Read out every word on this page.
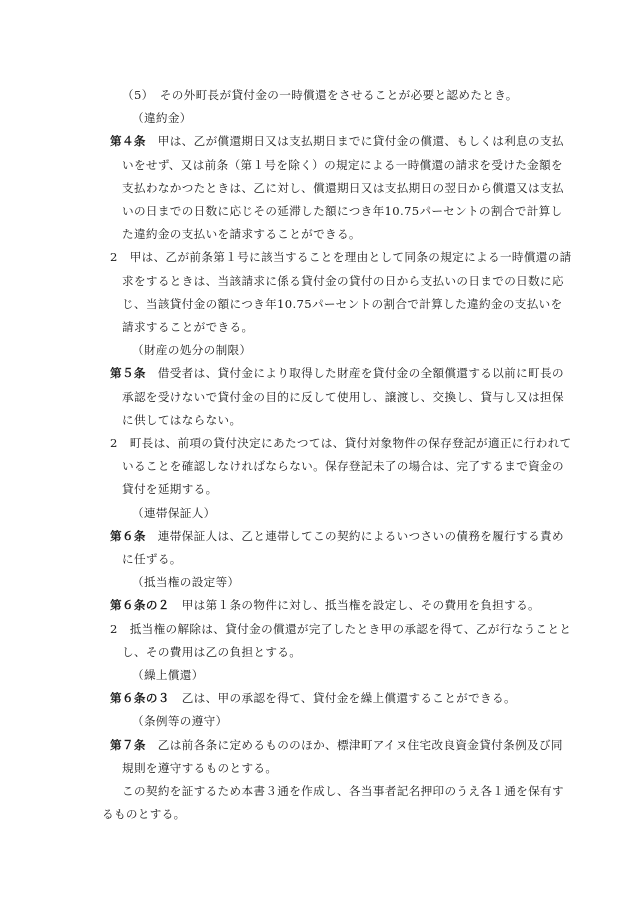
（5）　 その外町長が貸付金の一時償還をさせることが必要と認めたとき。

（違約金）

第４条　 甲は、乙が償還期日又は支払期日までに貸付金の償還、もしくは利息の支払いをせず、又は前条（第１号を除く）の規定による一時償還の請求を受けた金額を支払わなかつたときは、乙に対し、償還期日又は支払期日の翌日から償還又は支払いの日までの日数に応じその延滞した額につき年10.75パーセントの割合で計算した違約金の支払いを請求することができる。

2　 甲は、乙が前条第１号に該当することを理由として同条の規定による一時償還の請求をするときは、当該請求に係る貸付金の貸付の日から支払いの日までの日数に応じ、当該貸付金の額につき年10.75パーセントの割合で計算した違約金の支払いを請求することができる。

（財産の処分の制限）

第５条　 借受者は、貸付金により取得した財産を貸付金の全額償還する以前に町長の承認を受けないで貸付金の目的に反して使用し、譲渡し、交換し、貸与し又は担保に供してはならない。

2　 町長は、前項の貸付決定にあたつては、貸付対象物件の保存登記が適正に行われていることを確認しなければならない。保存登記未了の場合は、完了するまで資金の貸付を延期する。

（連帯保証人）

第６条　 連帯保証人は、乙と連帯してこの契約によるいつさいの債務を履行する責めに任ずる。

（抵当権の設定等）

第６条の２　 甲は第１条の物件に対し、抵当権を設定し、その費用を負担する。

2　 抵当権の解除は、貸付金の償還が完了したとき甲の承認を得て、乙が行なうこととし、その費用は乙の負担とする。

（繰上償還）

第６条の３　 乙は、甲の承認を得て、貸付金を繰上償還することができる。

（条例等の遵守）

第７条　 乙は前各条に定めるもののほか、標津町アイヌ住宅改良資金貸付条例及び同規則を遵守するものとする。

この契約を証するため本書３通を作成し、各当事者記名押印のうえ各１通を保有するものとする。
